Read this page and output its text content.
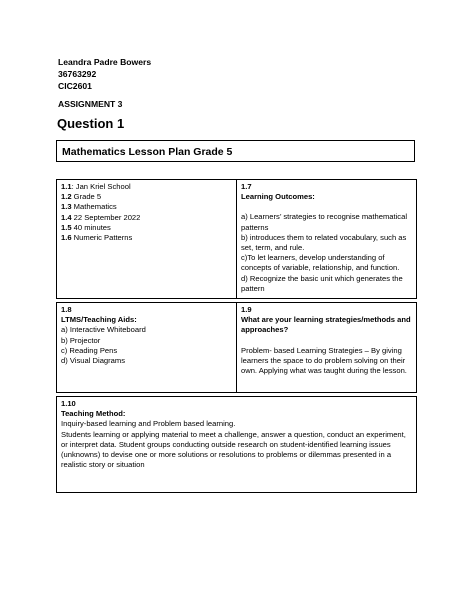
Leandra Padre Bowers
36763292
CIC2601
ASSIGNMENT 3
Question 1
Mathematics Lesson Plan Grade 5

1.1: Jan Kriel School

1.2 Grade 5

1.3 Mathematics

1.4 22 September 2022

1.5 40 minutes

1.6 Numeric Patterns

1.7

Learning Outcomes:

a) Learners’ strategies to recognise mathematical patterns

b) introduces them to related vocabulary, such as set, term, and rule.

c)To let learners, develop understanding of concepts of variable, relationship, and function.

d) Recognize the basic unit which generates the pattern

1.8

LTMS/Teaching Aids:

a) Interactive Whiteboard

b) Projector

c) Reading Pens

d) Visual Diagrams

1.9

What are your learning strategies/methods and approaches?

Problem- based Learning Strategies – By giving learners the space to do problem solving on their own. Applying what was taught during the lesson.

1.10

Teaching Method:

Inquiry-based learning and Problem based learning.

Students learning or applying material to meet a challenge, answer a question, conduct an experiment, or interpret data. Student groups conducting outside research on student-identified learning issues (unknowns) to devise one or more solutions or resolutions to problems or dilemmas presented in a realistic story or situation
